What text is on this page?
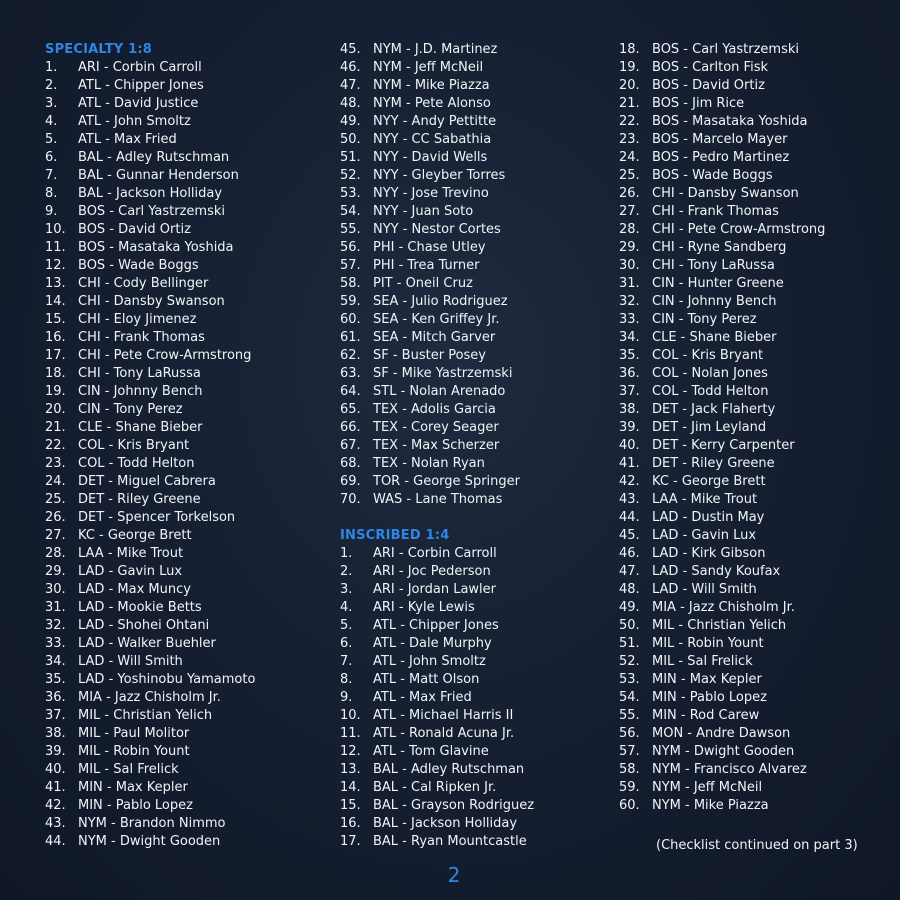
SPECIALTY 1:8
1. ARI - Corbin Carroll
2. ATL - Chipper Jones
3. ATL - David Justice
4. ATL - John Smoltz
5. ATL - Max Fried
6. BAL - Adley Rutschman
7. BAL - Gunnar Henderson
8. BAL - Jackson Holliday
9. BOS - Carl Yastrzemski
10. BOS - David Ortiz
11. BOS - Masataka Yoshida
12. BOS - Wade Boggs
13. CHI - Cody Bellinger
14. CHI - Dansby Swanson
15. CHI - Eloy Jimenez
16. CHI - Frank Thomas
17. CHI - Pete Crow-Armstrong
18. CHI - Tony LaRussa
19. CIN - Johnny Bench
20. CIN - Tony Perez
21. CLE - Shane Bieber
22. COL - Kris Bryant
23. COL - Todd Helton
24. DET - Miguel Cabrera
25. DET - Riley Greene
26. DET - Spencer Torkelson
27. KC - George Brett
28. LAA - Mike Trout
29. LAD - Gavin Lux
30. LAD - Max Muncy
31. LAD - Mookie Betts
32. LAD - Shohei Ohtani
33. LAD - Walker Buehler
34. LAD - Will Smith
35. LAD - Yoshinobu Yamamoto
36. MIA - Jazz Chisholm Jr.
37. MIL - Christian Yelich
38. MIL - Paul Molitor
39. MIL - Robin Yount
40. MIL - Sal Frelick
41. MIN - Max Kepler
42. MIN - Pablo Lopez
43. NYM - Brandon Nimmo
44. NYM - Dwight Gooden
45. NYM - J.D. Martinez
46. NYM - Jeff McNeil
47. NYM - Mike Piazza
48. NYM - Pete Alonso
49. NYY - Andy Pettitte
50. NYY - CC Sabathia
51. NYY - David Wells
52. NYY - Gleyber Torres
53. NYY - Jose Trevino
54. NYY - Juan Soto
55. NYY - Nestor Cortes
56. PHI - Chase Utley
57. PHI - Trea Turner
58. PIT - Oneil Cruz
59. SEA - Julio Rodriguez
60. SEA - Ken Griffey Jr.
61. SEA - Mitch Garver
62. SF - Buster Posey
63. SF - Mike Yastrzemski
64. STL - Nolan Arenado
65. TEX - Adolis Garcia
66. TEX - Corey Seager
67. TEX - Max Scherzer
68. TEX - Nolan Ryan
69. TOR - George Springer
70. WAS - Lane Thomas
INSCRIBED 1:4
1. ARI - Corbin Carroll
2. ARI - Joc Pederson
3. ARI - Jordan Lawler
4. ARI - Kyle Lewis
5. ATL - Chipper Jones
6. ATL - Dale Murphy
7. ATL - John Smoltz
8. ATL - Matt Olson
9. ATL - Max Fried
10. ATL - Michael Harris II
11. ATL - Ronald Acuna Jr.
12. ATL - Tom Glavine
13. BAL - Adley Rutschman
14. BAL - Cal Ripken Jr.
15. BAL - Grayson Rodriguez
16. BAL - Jackson Holliday
17. BAL - Ryan Mountcastle
18. BOS - Carl Yastrzemski
19. BOS - Carlton Fisk
20. BOS - David Ortiz
21. BOS - Jim Rice
22. BOS - Masataka Yoshida
23. BOS - Marcelo Mayer
24. BOS - Pedro Martinez
25. BOS - Wade Boggs
26. CHI - Dansby Swanson
27. CHI - Frank Thomas
28. CHI - Pete Crow-Armstrong
29. CHI - Ryne Sandberg
30. CHI - Tony LaRussa
31. CIN - Hunter Greene
32. CIN - Johnny Bench
33. CIN - Tony Perez
34. CLE - Shane Bieber
35. COL - Kris Bryant
36. COL - Nolan Jones
37. COL - Todd Helton
38. DET - Jack Flaherty
39. DET - Jim Leyland
40. DET - Kerry Carpenter
41. DET - Riley Greene
42. KC - George Brett
43. LAA - Mike Trout
44. LAD - Dustin May
45. LAD - Gavin Lux
46. LAD - Kirk Gibson
47. LAD - Sandy Koufax
48. LAD - Will Smith
49. MIA - Jazz Chisholm Jr.
50. MIL - Christian Yelich
51. MIL - Robin Yount
52. MIL - Sal Frelick
53. MIN - Max Kepler
54. MIN - Pablo Lopez
55. MIN - Rod Carew
56. MON - Andre Dawson
57. NYM - Dwight Gooden
58. NYM - Francisco Alvarez
59. NYM - Jeff McNeil
60. NYM - Mike Piazza
(Checklist continued on part 3)
2
